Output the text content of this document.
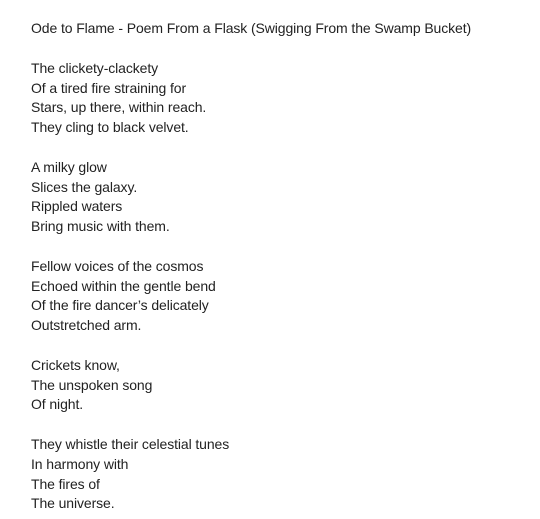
Ode to Flame - Poem From a Flask (Swigging From the Swamp Bucket)
The clickety-clackety
Of a tired fire straining for
Stars, up there, within reach.
They cling to black velvet.
A milky glow
Slices the galaxy.
Rippled waters
Bring music with them.
Fellow voices of the cosmos
Echoed within the gentle bend
Of the fire dancer’s delicately
Outstretched arm.
Crickets know,
The unspoken song
Of night.
They whistle their celestial tunes
In harmony with
The fires of
The universe.
